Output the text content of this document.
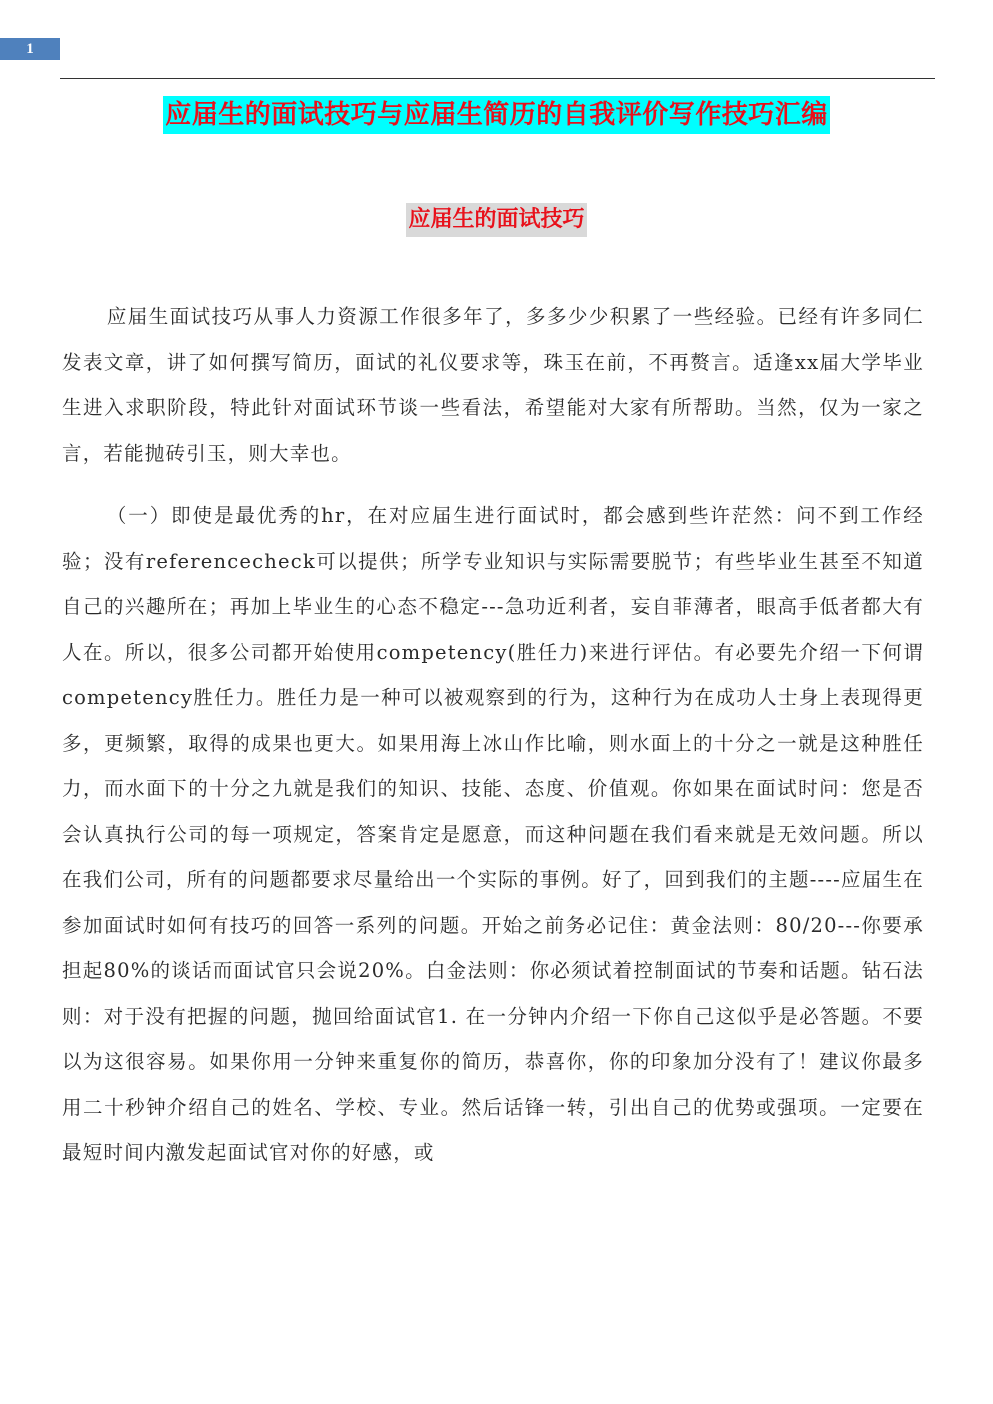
1
应届生的面试技巧与应届生简历的自我评价写作技巧汇编
应届生的面试技巧

应届生面试技巧从事人力资源工作很多年了，多多少少积累了一些经验。已经有许多同仁发表文章，讲了如何撰写简历，面试的礼仪要求等，珠玉在前，不再赘言。适逢xx届大学毕业生进入求职阶段，特此针对面试环节谈一些看法，希望能对大家有所帮助。当然，仅为一家之言，若能抛砖引玉，则大幸也。

（一）即使是最优秀的hr，在对应届生进行面试时，都会感到些许茫然：问不到工作经验；没有referencecheck可以提供；所学专业知识与实际需要脱节；有些毕业生甚至不知道自己的兴趣所在；再加上毕业生的心态不稳定---急功近利者，妄自菲薄者，眼高手低者都大有人在。所以，很多公司都开始使用competency(胜任力)来进行评估。有必要先介绍一下何谓competency胜任力。胜任力是一种可以被观察到的行为，这种行为在成功人士身上表现得更多，更频繁，取得的成果也更大。如果用海上冰山作比喻，则水面上的十分之一就是这种胜任力，而水面下的十分之九就是我们的知识、技能、态度、价值观。你如果在面试时问：您是否会认真执行公司的每一项规定，答案肯定是愿意，而这种问题在我们看来就是无效问题。所以在我们公司，所有的问题都要求尽量给出一个实际的事例。好了，回到我们的主题----应届生在参加面试时如何有技巧的回答一系列的问题。开始之前务必记住：黄金法则：80/20---你要承担起80%的谈话而面试官只会说20%。白金法则：你必须试着控制面试的节奏和话题。钻石法则：对于没有把握的问题，抛回给面试官1. 在一分钟内介绍一下你自己这似乎是必答题。不要以为这很容易。如果你用一分钟来重复你的简历，恭喜你，你的印象加分没有了！建议你最多用二十秒钟介绍自己的姓名、学校、专业。然后话锋一转，引出自己的优势或强项。一定要在最短时间内激发起面试官对你的好感，或
